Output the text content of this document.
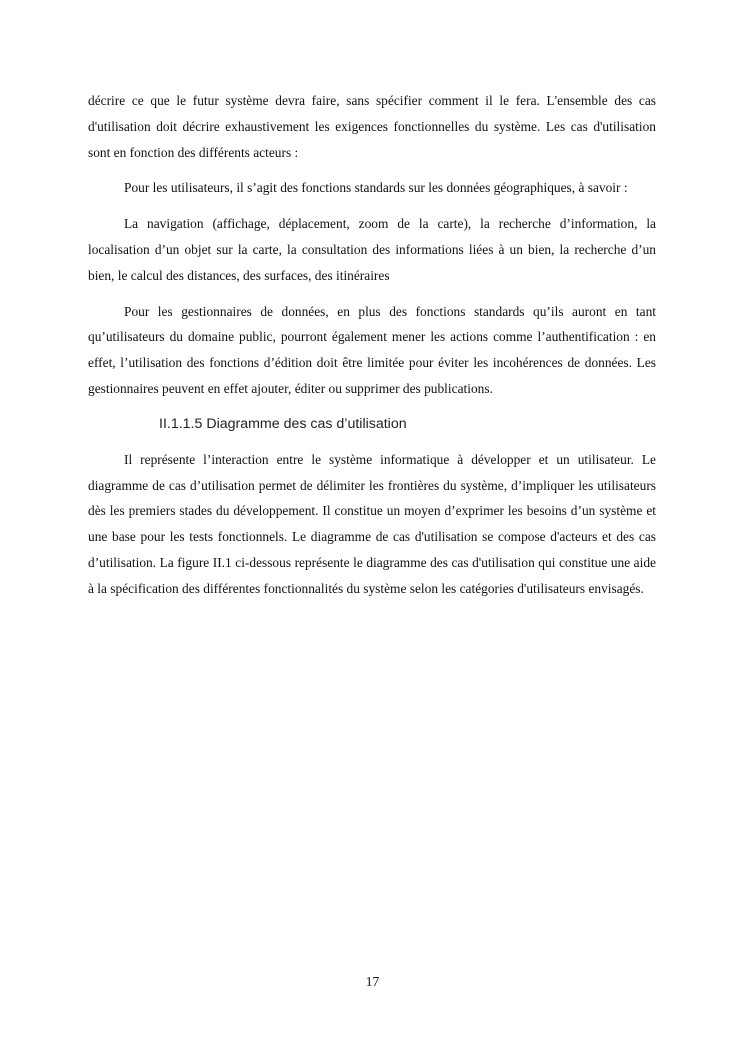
décrire ce que le futur système devra faire, sans spécifier comment il le fera. L'ensemble des cas d'utilisation doit décrire exhaustivement les exigences fonctionnelles du système. Les cas d'utilisation sont en fonction des différents acteurs :

Pour les utilisateurs, il s’agit des fonctions standards sur les données géographiques, à savoir :

La navigation (affichage, déplacement, zoom de la carte), la recherche d’information, la localisation d’un objet sur la carte, la consultation des informations liées à un bien, la recherche d’un bien, le calcul des distances, des surfaces, des itinéraires

Pour les gestionnaires de données, en plus des fonctions standards qu’ils auront en tant qu’utilisateurs du domaine public, pourront également mener les actions comme l’authentification : en effet, l’utilisation des fonctions d’édition doit être limitée pour éviter les incohérences de données. Les gestionnaires peuvent en effet ajouter, éditer ou supprimer des publications.

II.1.1.5 Diagramme des cas d’utilisation

Il représente l’interaction entre le système informatique à développer et un utilisateur. Le diagramme de cas d’utilisation permet de délimiter les frontières du système, d’impliquer les utilisateurs dès les premiers stades du développement. Il constitue un moyen d’exprimer les besoins d’un système et une base pour les tests fonctionnels. Le diagramme de cas d'utilisation se compose d'acteurs et des cas d’utilisation. La figure II.1 ci-dessous représente le diagramme des cas d'utilisation qui constitue une aide à la spécification des différentes fonctionnalités du système selon les catégories d'utilisateurs envisagés.

17
